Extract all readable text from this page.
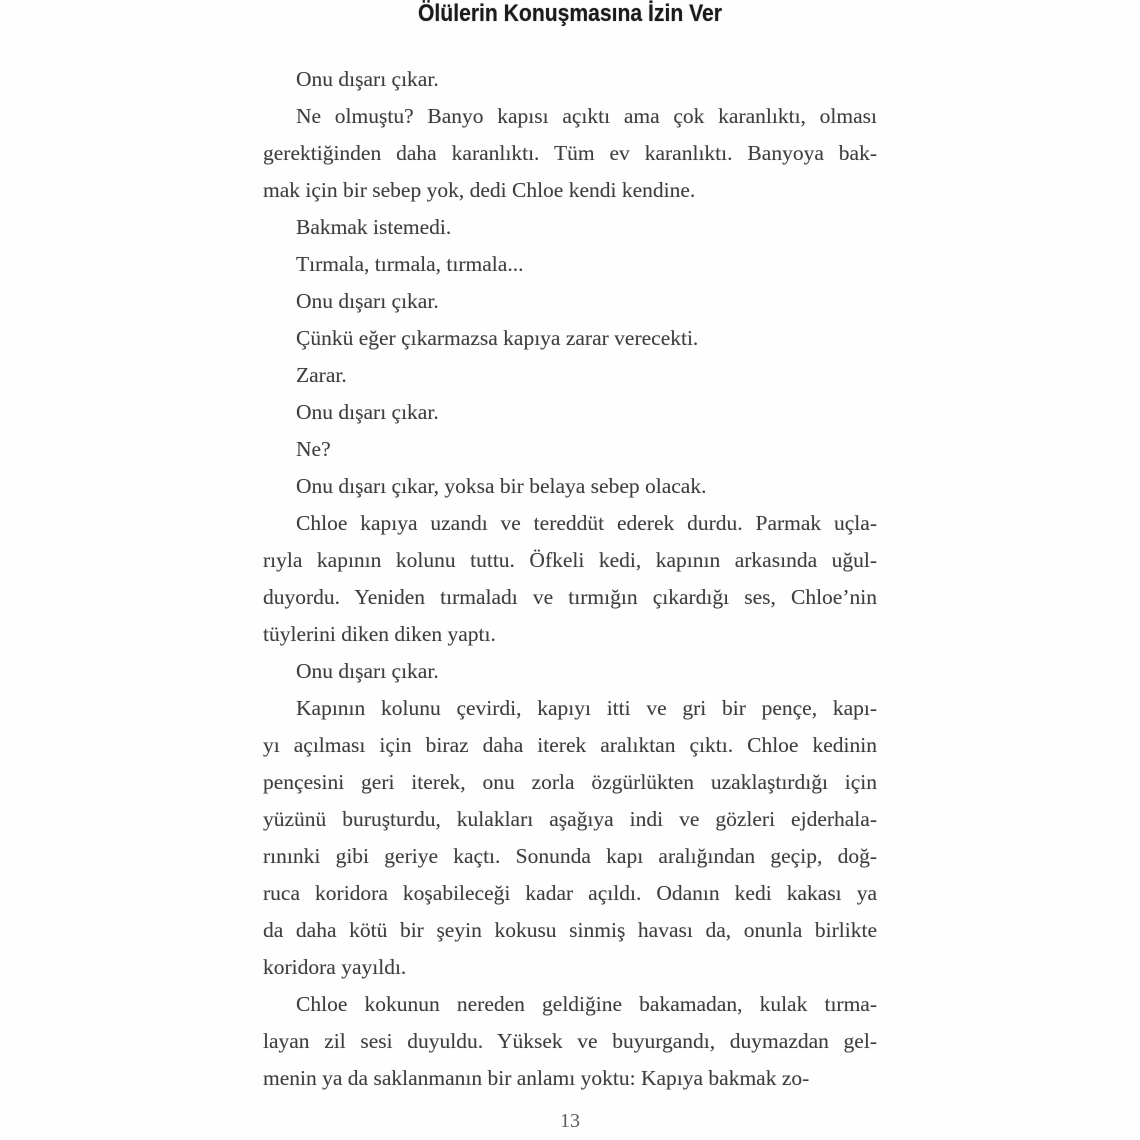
Ölülerin Konuşmasına İzin Ver
Onu dışarı çıkar.
Ne olmuştu? Banyo kapısı açıktı ama çok karanlıktı, olması
gerektiğinden daha karanlıktı. Tüm ev karanlıktı. Banyoya bak-
mak için bir sebep yok, dedi Chloe kendi kendine.
Bakmak istemedi.
Tırmala, tırmala, tırmala...
Onu dışarı çıkar.
Çünkü eğer çıkarmazsa kapıya zarar verecekti.
Zarar.
Onu dışarı çıkar.
Ne?
Onu dışarı çıkar, yoksa bir belaya sebep olacak.
Chloe kapıya uzandı ve tereddüt ederek durdu. Parmak uçla-
rıyla kapının kolunu tuttu. Öfkeli kedi, kapının arkasında uğul-
duyordu. Yeniden tırmaladı ve tırmığın çıkardığı ses, Chloe’nin
tüylerini diken diken yaptı.
Onu dışarı çıkar.
Kapının kolunu çevirdi, kapıyı itti ve gri bir pençe, kapı-
yı açılması için biraz daha iterek aralıktan çıktı. Chloe kedinin
pençesini geri iterek, onu zorla özgürlükten uzaklaştırdığı için
yüzünü buruşturdu, kulakları aşağıya indi ve gözleri ejderhala-
rınınki gibi geriye kaçtı. Sonunda kapı aralığından geçip, doğ-
ruca koridora koşabileceği kadar açıldı. Odanın kedi kakası ya
da daha kötü bir şeyin kokusu sinmiş havası da, onunla birlikte
koridora yayıldı.
Chloe kokunun nereden geldiğine bakamadan, kulak tırma-
layan zil sesi duyuldu. Yüksek ve buyurgandı, duymazdan gel-
menin ya da saklanmanın bir anlamı yoktu: Kapıya bakmak zo-
13
